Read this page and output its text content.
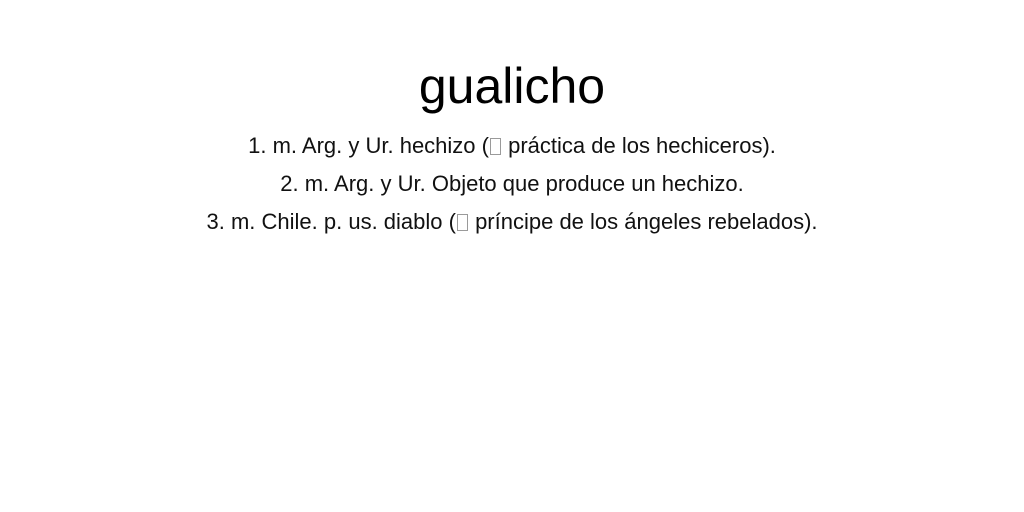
gualicho
1. m. Arg. y Ur. hechizo ( práctica de los hechiceros).
2. m. Arg. y Ur. Objeto que produce un hechizo.
3. m. Chile. p. us. diablo ( príncipe de los ángeles rebelados).
